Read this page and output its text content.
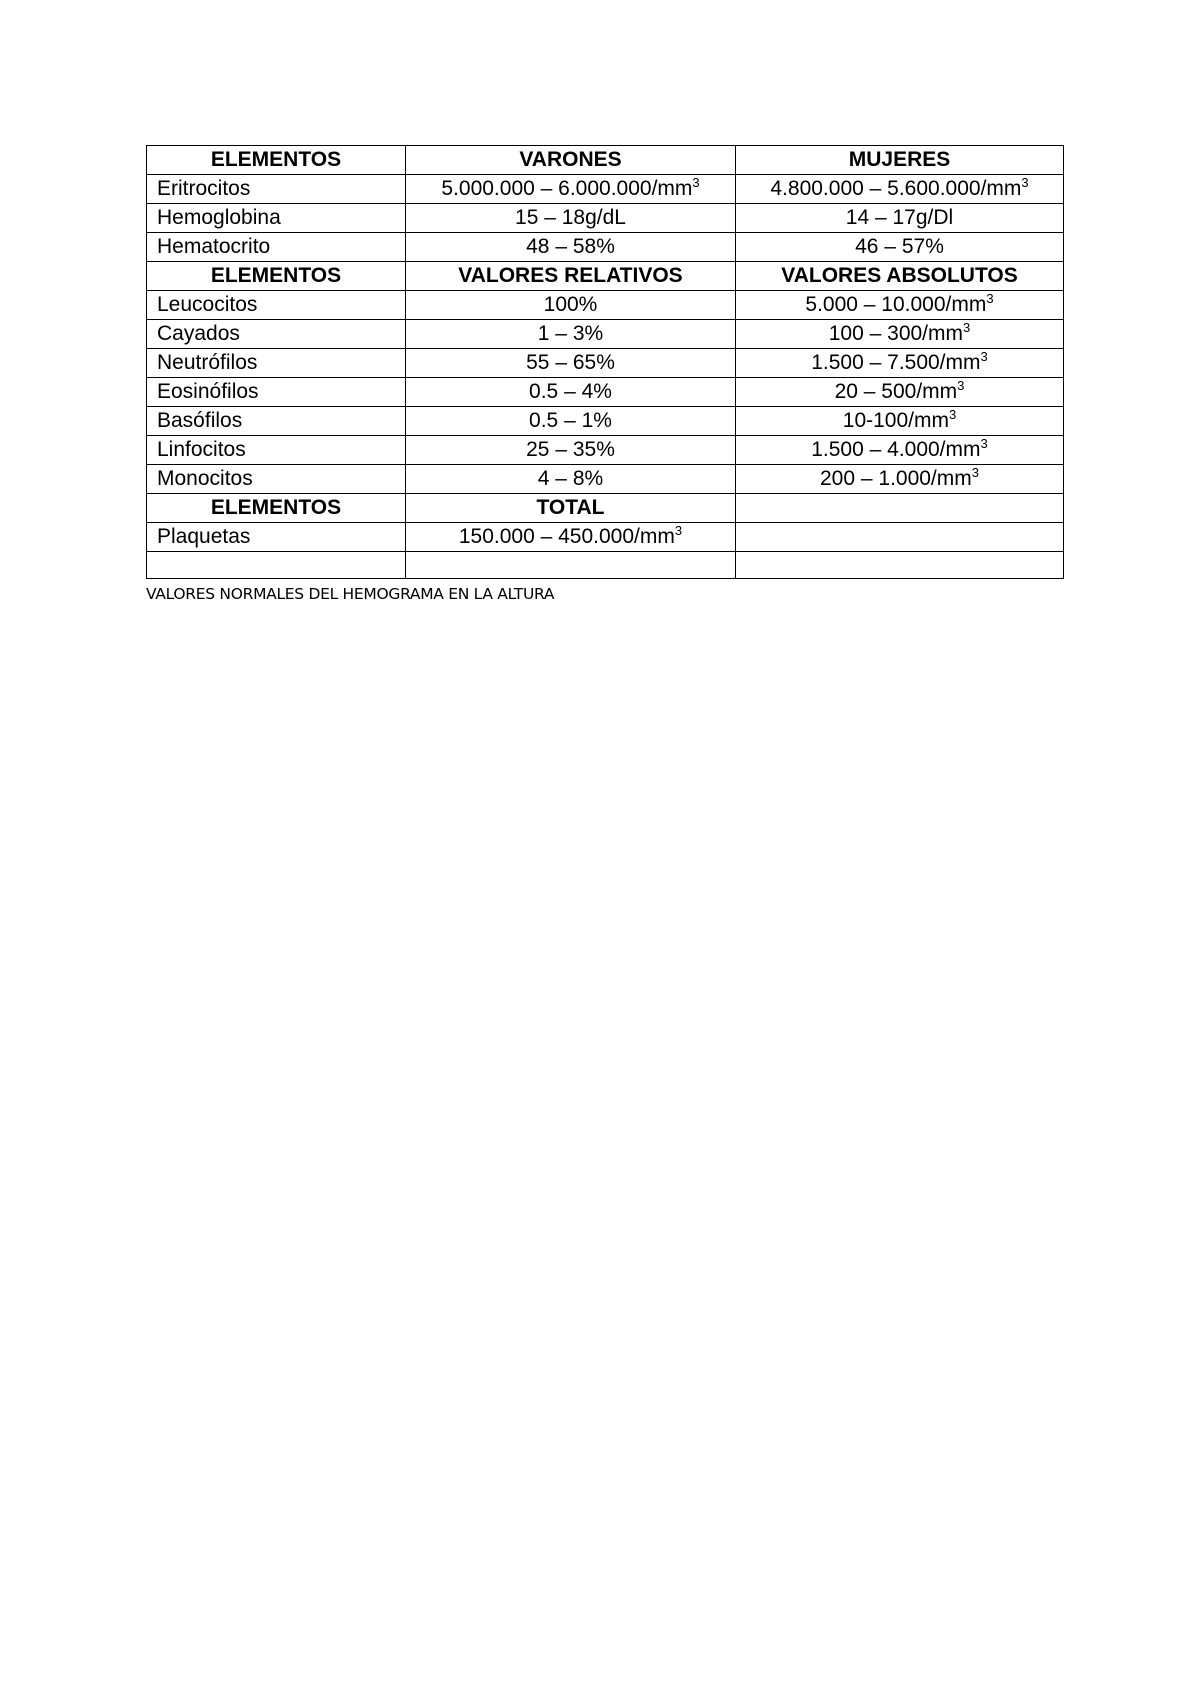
ELEMENTOS	VARONES	MUJERES
Eritrocitos	$5.000.000 - 6.000.000/mm^3$	$4.800.000 - 5.600.000/mm^3$
Hemoglobina	15 – 18g/dL	14 – 17g/Dl
Hematocrito	48 – 58%	46 – 57%
ELEMENTOS	VALORES RELATIVOS	VALORES ABSOLUTOS
Leucocitos	100%	$5.000 - 10.000/mm^3$
Cayados	1 – 3%	$100 - 300/mm^3$
Neutrófilos	55 – 65%	$1.500 - 7.500/mm^3$
Eosinófilos	0.5 – 4%	$20 - 500/mm^3$
Basófilos	0.5 – 1%	$10-100/mm^3$
Linfocitos	25 – 35%	$1.500 - 4.000/mm^3$
Monocitos	4 – 8%	$200 - 1.000/mm^3$
ELEMENTOS	TOTAL	
Plaquetas	$150.000 - 450.000/mm^3$	

VALORES NORMALES DEL HEMOGRAMA EN LA ALTURA
